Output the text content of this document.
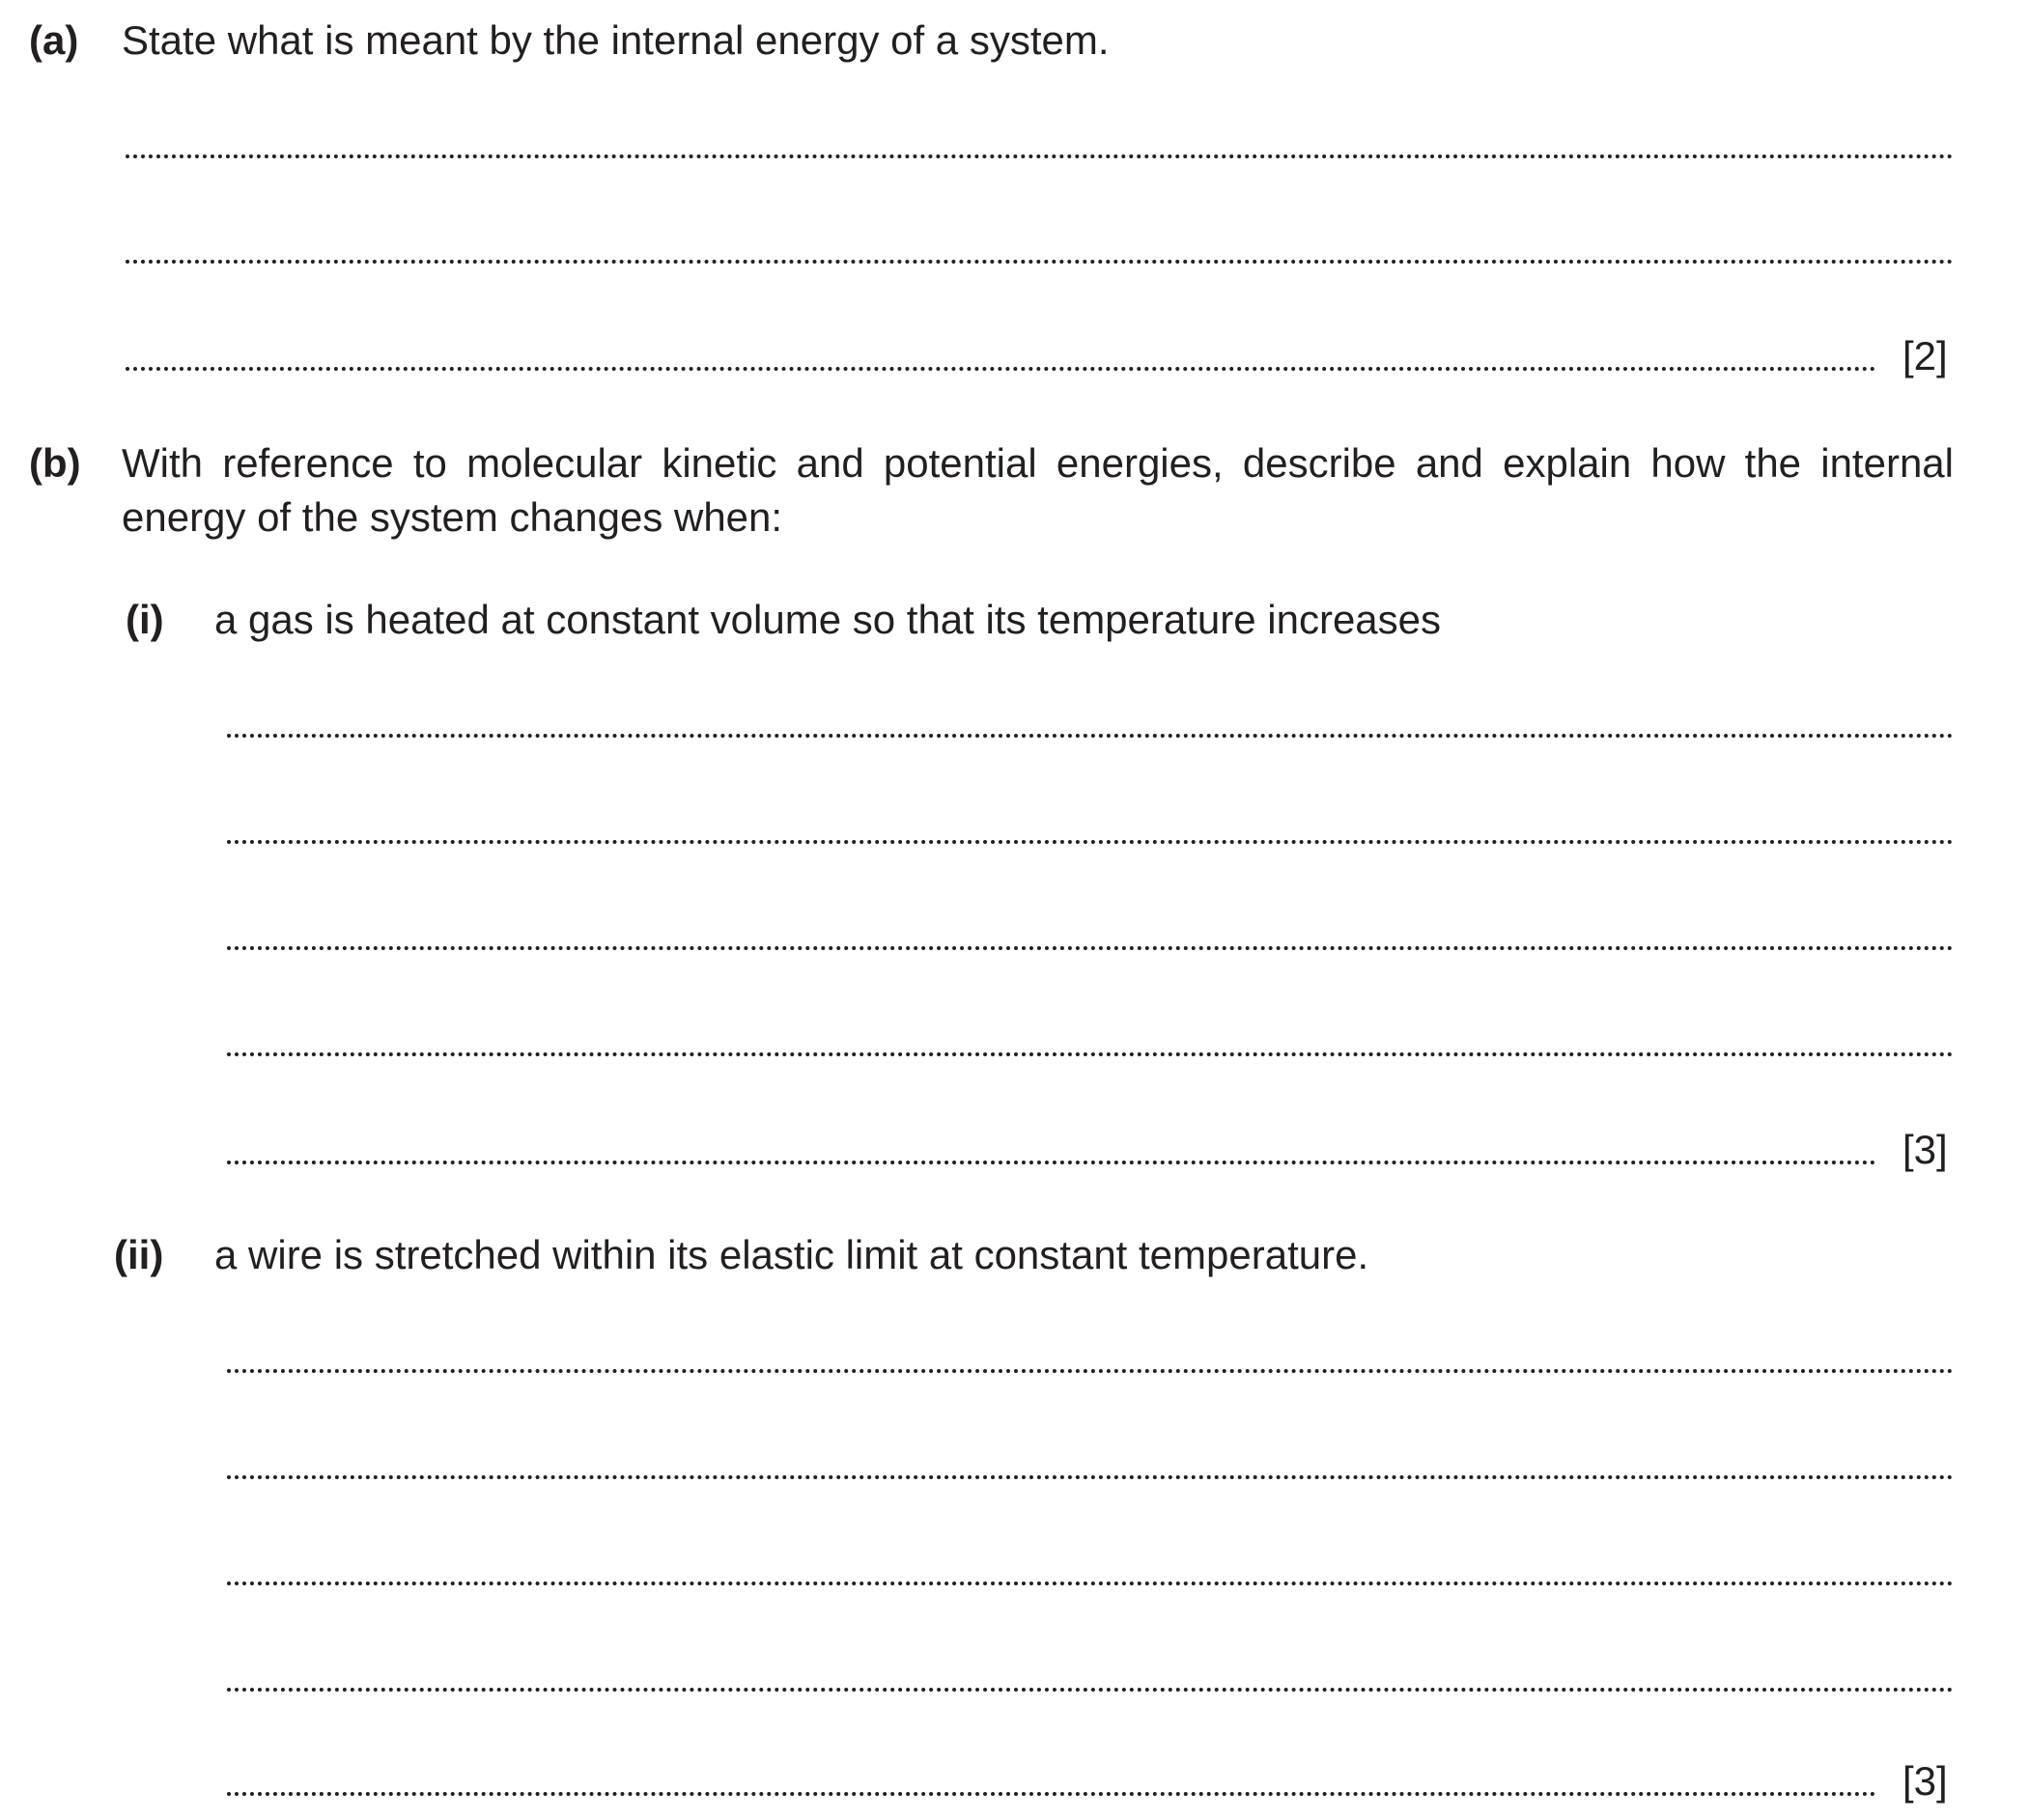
(a) State what is meant by the internal energy of a system.
[2]
(b) With reference to molecular kinetic and potential energies, describe and explain how the internal energy of the system changes when:
(i) a gas is heated at constant volume so that its temperature increases
[3]
(ii) a wire is stretched within its elastic limit at constant temperature.
[3]
